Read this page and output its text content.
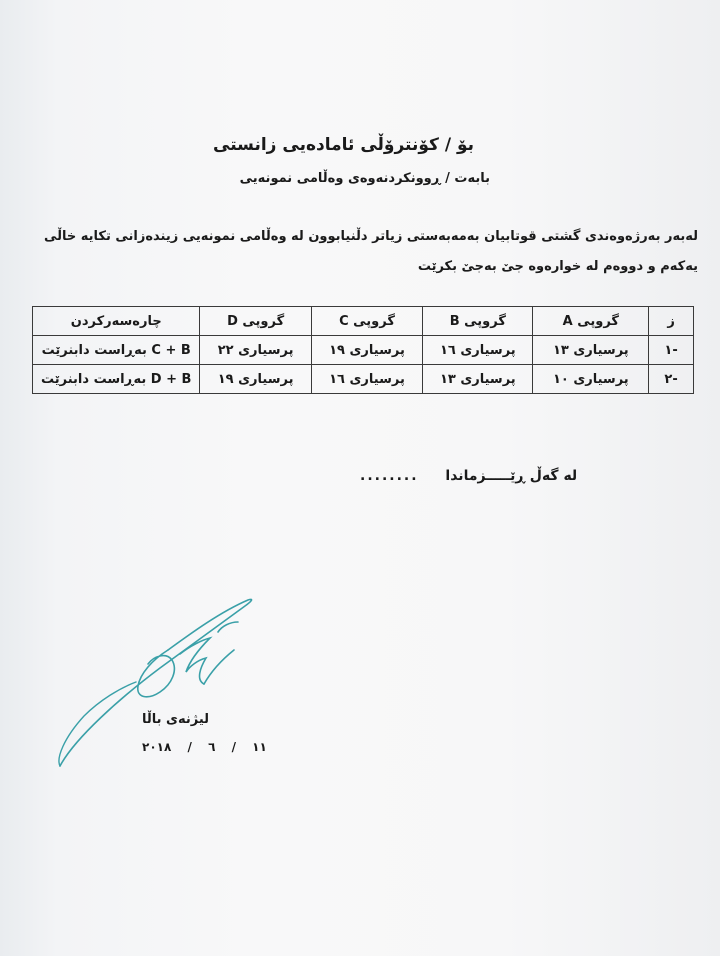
بۆ / کۆنترۆڵی ئامادەیی زانستی
بابەت / ڕوونکردنەوەی وەڵامی نمونەیی
لەبەر بەرژەوەندی گشتی قوتابیان بەمەبەستی زیاتر دڵنیابوون لە وەڵامی نمونەیی زیندەزانی تکایە خاڵی یەکەم و دووەم لە خوارەوە جێ بەجێ بکرێت
ز	گروپی A	گروپی B	گروپی C	گروپی D	چارەسەرکردن
-١	پرسیاری ١٣	پرسیاری ١٦	پرسیاری ١٩	پرسیاری ٢٢	C + B بەڕاست دابنرێت
-٢	پرسیاری ١٠	پرسیاری ١٣	پرسیاری ١٦	پرسیاری ١٩	D + B بەڕاست دابنرێت
لە گەڵ ڕێـــــزماندا ........
لیژنەی باڵا
١١ / ٦ / ٢٠١٨
